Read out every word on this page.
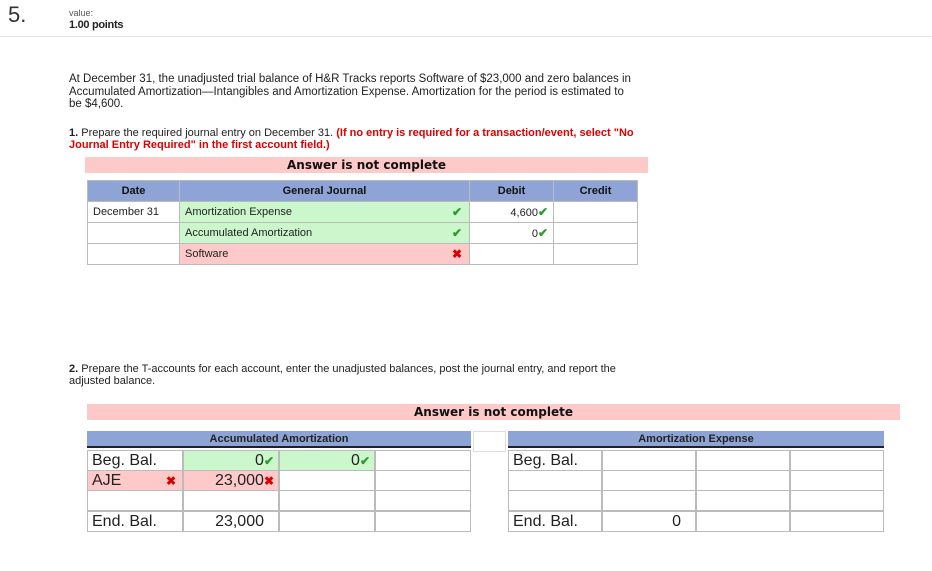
5.	value:
1.00 points
At December 31, the unadjusted trial balance of H&R Tracks reports Software of $23,000 and zero balances in Accumulated Amortization—Intangibles and Amortization Expense. Amortization for the period is estimated to be $4,600.
1. Prepare the required journal entry on December 31. (If no entry is required for a transaction/event, select "No Journal Entry Required" in the first account field.)
Answer is not complete
Date	General Journal		Debit	Credit
December 31	Amortization Expense	✔	4,600✔	
	Accumulated Amortization	✔	0✔	
	Software	✖		
2. Prepare the T-accounts for each account, enter the unadjusted balances, post the journal entry, and report the adjusted balance.
Answer is not complete
Accumulated Amortization
Beg. Bal.	0✔	0✔
AJE	✖	23,000✖
End. Bal.	23,000
Amortization Expense
Beg. Bal.
End. Bal.	0
